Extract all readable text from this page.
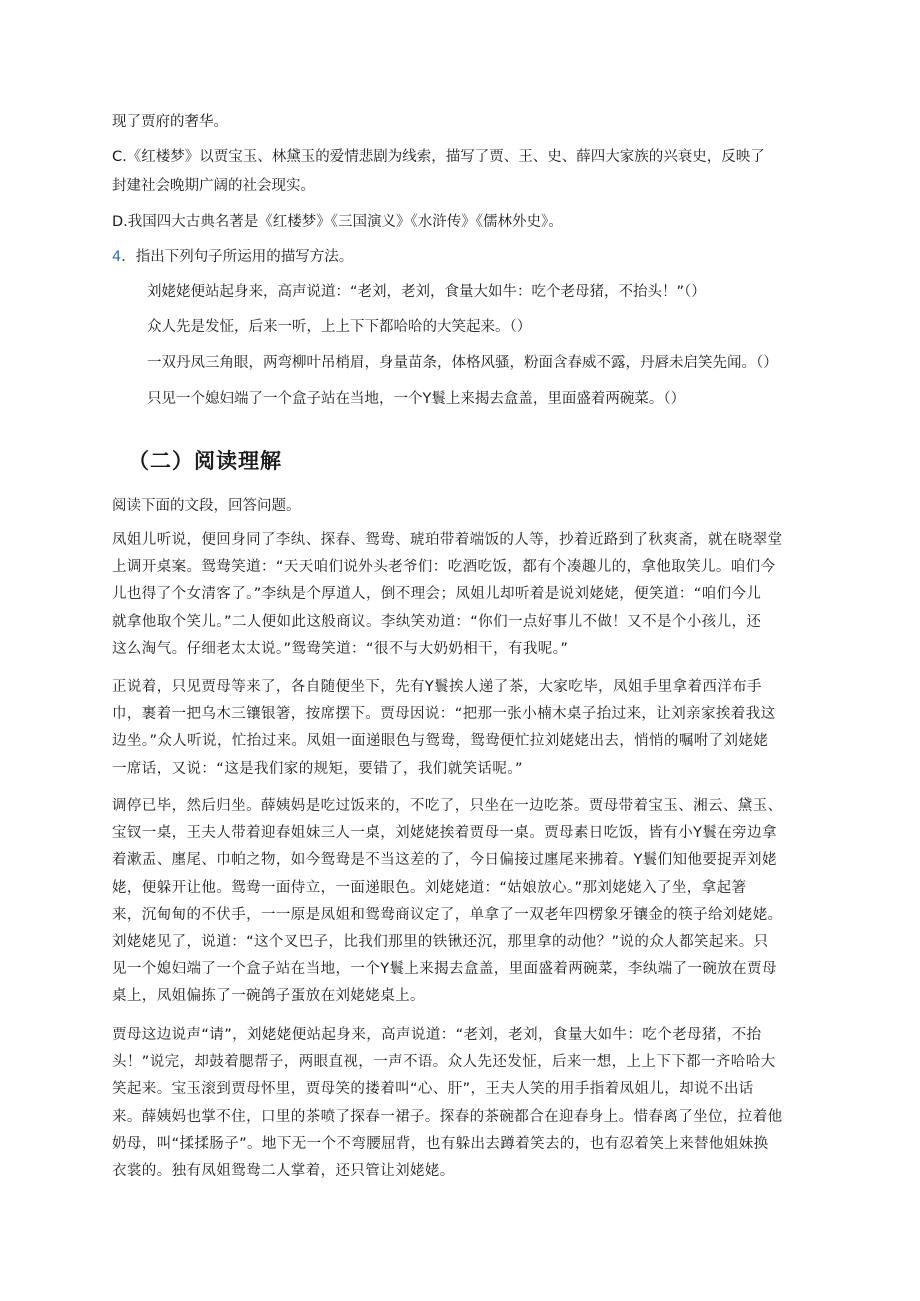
现了贾府的奢华。
C.《红楼梦》以贾宝玉、林黛玉的爱情悲剧为线索，描写了贾、王、史、薛四大家族的兴衰史，反映了
封建社会晚期广阔的社会现实。
D.我国四大古典名著是《红楼梦》《三国演义》《水浒传》《儒林外史》。
4．指出下列句子所运用的描写方法。
刘姥姥便站起身来，高声说道：“老刘，老刘，食量大如牛：吃个老母猪，不抬头！”（）
众人先是发怔，后来一听，上上下下都哈哈的大笑起来。（）
一双丹凤三角眼，两弯柳叶吊梢眉，身量苗条，体格风骚，粉面含春威不露，丹唇未启笑先闻。（）
只见一个媳妇端了一个盒子站在当地，一个Y鬟上来揭去盒盖，里面盛着两碗菜。（）
（二）阅读理解
阅读下面的文段，回答问题。
凤姐儿听说，便回身同了李纨、探春、鸳鸯、琥珀带着端饭的人等，抄着近路到了秋爽斋，就在晓翠堂
上调开桌案。鸳鸯笑道：“天天咱们说外头老爷们：吃酒吃饭，都有个凑趣儿的，拿他取笑儿。咱们今
儿也得了个女清客了。”李纨是个厚道人，倒不理会；凤姐儿却听着是说刘姥姥，便笑道：“咱们今儿
就拿他取个笑儿。”二人便如此这般商议。李纨笑劝道：“你们一点好事儿不做！又不是个小孩儿，还
这么淘气。仔细老太太说。”鸳鸯笑道：“很不与大奶奶相干，有我呢。”
正说着，只见贾母等来了，各自随便坐下，先有Y鬟挨人递了茶，大家吃毕，凤姐手里拿着西洋布手
巾，裹着一把乌木三镶银箸，按席摆下。贾母因说：“把那一张小楠木桌子抬过来，让刘亲家挨着我这
边坐。”众人听说，忙抬过来。凤姐一面递眼色与鸳鸯，鸳鸯便忙拉刘姥姥出去，悄悄的嘱咐了刘姥姥
一席话，又说：“这是我们家的规矩，要错了，我们就笑话呢。”
调停已毕，然后归坐。薛姨妈是吃过饭来的，不吃了，只坐在一边吃茶。贾母带着宝玉、湘云、黛玉、
宝钗一桌，王夫人带着迎春姐妹三人一桌，刘姥姥挨着贾母一桌。贾母素日吃饭，皆有小Y鬟在旁边拿
着漱盂、廛尾、巾帕之物，如今鸳鸯是不当这差的了，今日偏接过廛尾来拂着。Y鬟们知他要捉弄刘姥
姥，便躲开让他。鸳鸯一面侍立，一面递眼色。刘姥姥道：“姑娘放心。”那刘姥姥入了坐，拿起箸
来，沉甸甸的不伏手，一一原是凤姐和鸳鸯商议定了，单拿了一双老年四楞象牙镶金的筷子给刘姥姥。
刘姥姥见了，说道：“这个叉巴子，比我们那里的铁锹还沉，那里拿的动他？”说的众人都笑起来。只
见一个媳妇端了一个盒子站在当地，一个Y鬟上来揭去盒盖，里面盛着两碗菜，李纨端了一碗放在贾母
桌上，凤姐偏拣了一碗鸽子蛋放在刘姥姥桌上。
贾母这边说声“请”，刘姥姥便站起身来，高声说道：“老刘，老刘，食量大如牛：吃个老母猪，不抬
头！”说完，却鼓着腮帮子，两眼直视，一声不语。众人先还发怔，后来一想，上上下下都一齐哈哈大
笑起来。宝玉滚到贾母怀里，贾母笑的搂着叫“心、肝”，王夫人笑的用手指着凤姐儿，却说不出话
来。薛姨妈也掌不住，口里的茶喷了探春一裙子。探春的茶碗都合在迎春身上。惜春离了坐位，拉着他
奶母，叫“揉揉肠子”。地下无一个不弯腰屈背，也有躲出去蹲着笑去的，也有忍着笑上来替他姐妹换
衣裳的。独有凤姐鸳鸯二人掌着，还只管让刘姥姥。
